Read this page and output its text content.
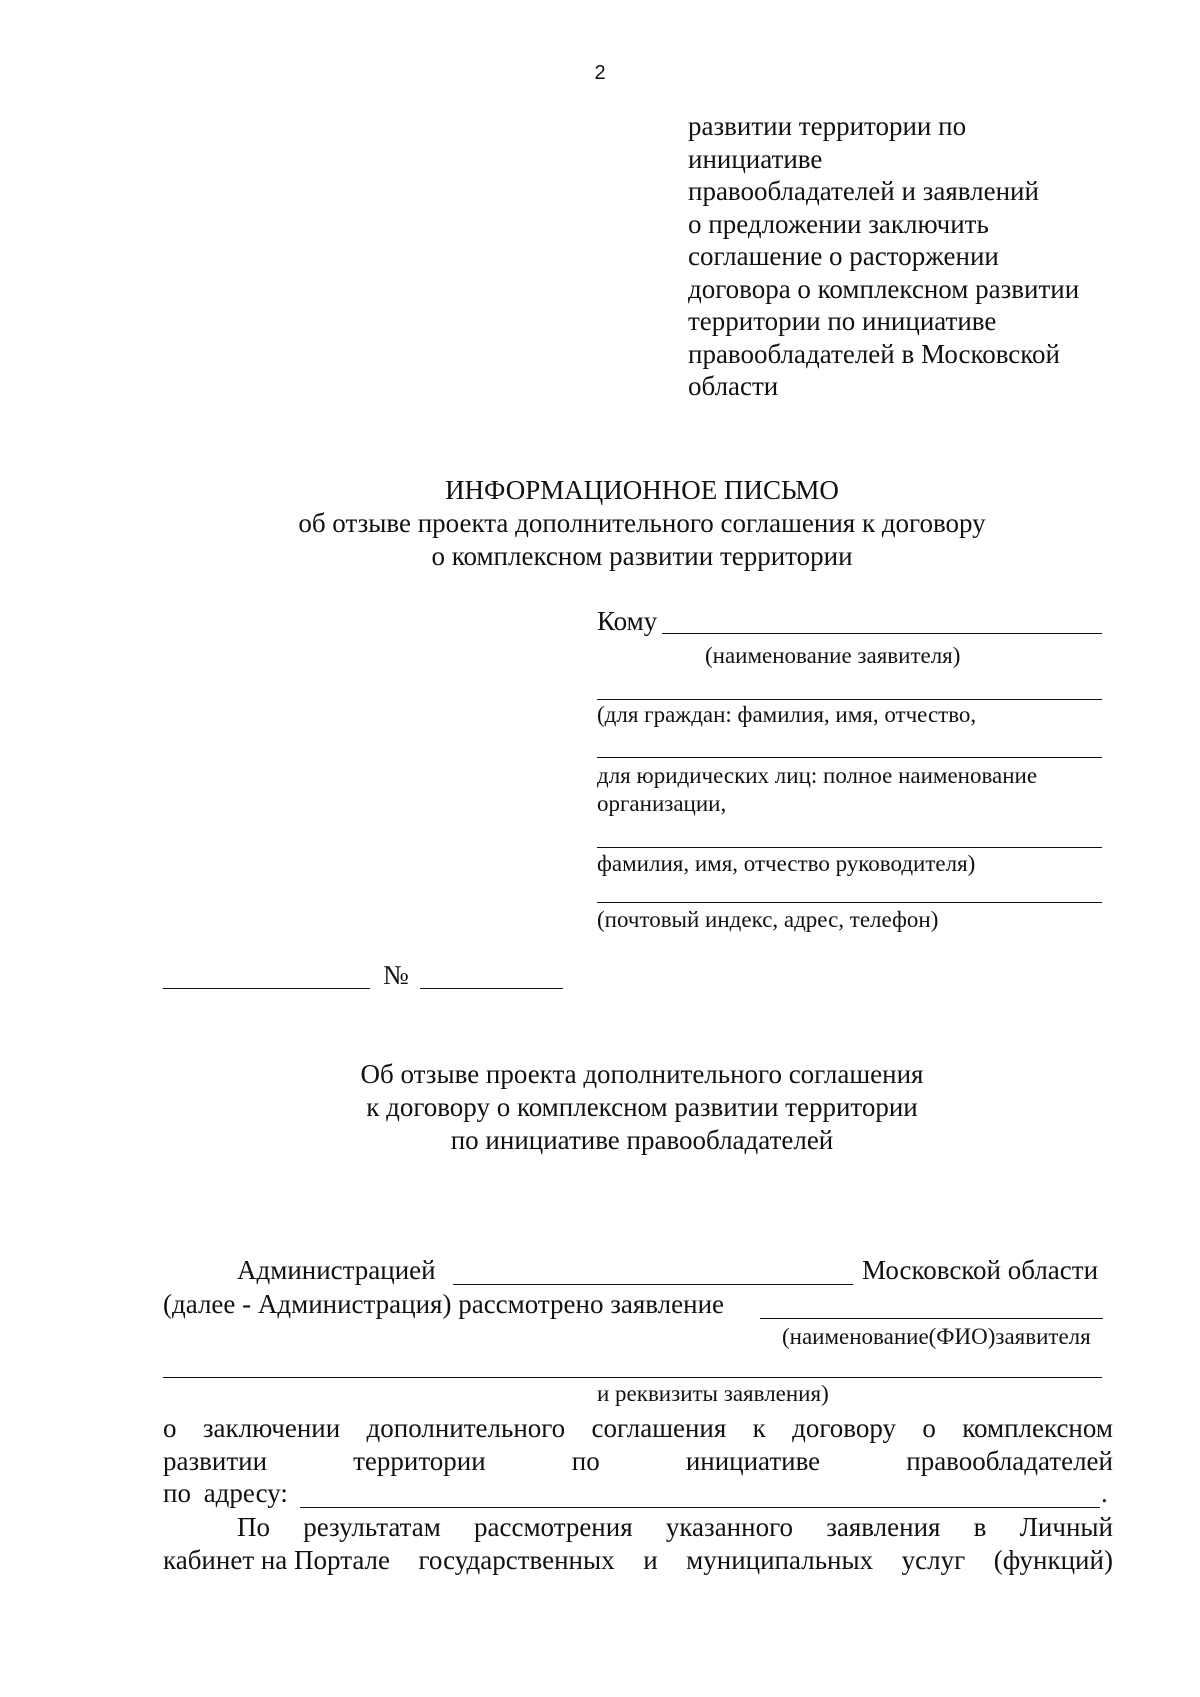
2
развитии территории по
инициативе
правообладателей и заявлений
о предложении заключить
соглашение о расторжении
договора о комплексном развитии
территории по инициативе
правообладателей в Московской
области
ИНФОРМАЦИОННОЕ ПИСЬМО
об отзыве проекта дополнительного соглашения к договору
о комплексном развитии территории
Кому
(наименование заявителя)
(для граждан: фамилия, имя, отчество,
для юридических лиц: полное наименование
организации,
фамилия, имя, отчество руководителя)
(почтовый индекс, адрес, телефон)
№
Об отзыве проекта дополнительного соглашения
к договору о комплексном развитии территории
по инициативе правообладателей
Администрацией	Московской области
(далее - Администрация) рассмотрено заявление
(наименование(ФИО)заявителя
и реквизиты заявления)
о заключении дополнительного соглашения к договору о комплексном
развитии	территории	по	инициативе	правообладателей
по адресу:	.
По результатам рассмотрения указанного заявления в Личный
кабинет на Портале государственных и муниципальных услуг (функций)
